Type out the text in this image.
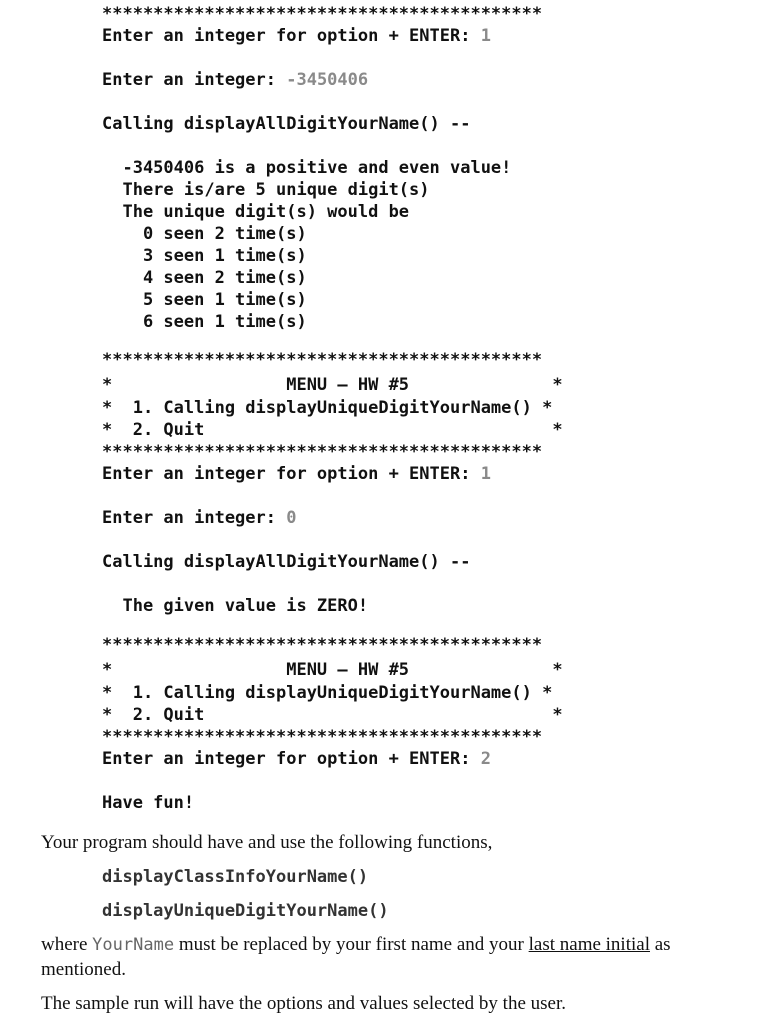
*******************************************
Enter an integer for option + ENTER: 1
Enter an integer: -3450406
Calling displayAllDigitYourName() --
-3450406 is a positive and even value!
There is/are 5 unique digit(s)
The unique digit(s) would be
0 seen 2 time(s)
3 seen 1 time(s)
4 seen 2 time(s)
5 seen 1 time(s)
6 seen 1 time(s)
*******************************************
*                 MENU – HW #5              *
*  1. Calling displayUniqueDigitYourName() *
*  2. Quit                                  *
*******************************************
Enter an integer for option + ENTER: 1
Enter an integer: 0
Calling displayAllDigitYourName() --
The given value is ZERO!
*******************************************
*                 MENU – HW #5              *
*  1. Calling displayUniqueDigitYourName() *
*  2. Quit                                  *
*******************************************
Enter an integer for option + ENTER: 2
Have fun!
Your program should have and use the following functions,
displayClassInfoYourName()
displayUniqueDigitYourName()
where YourName must be replaced by your first name and your last name initial as
mentioned.
The sample run will have the options and values selected by the user.
